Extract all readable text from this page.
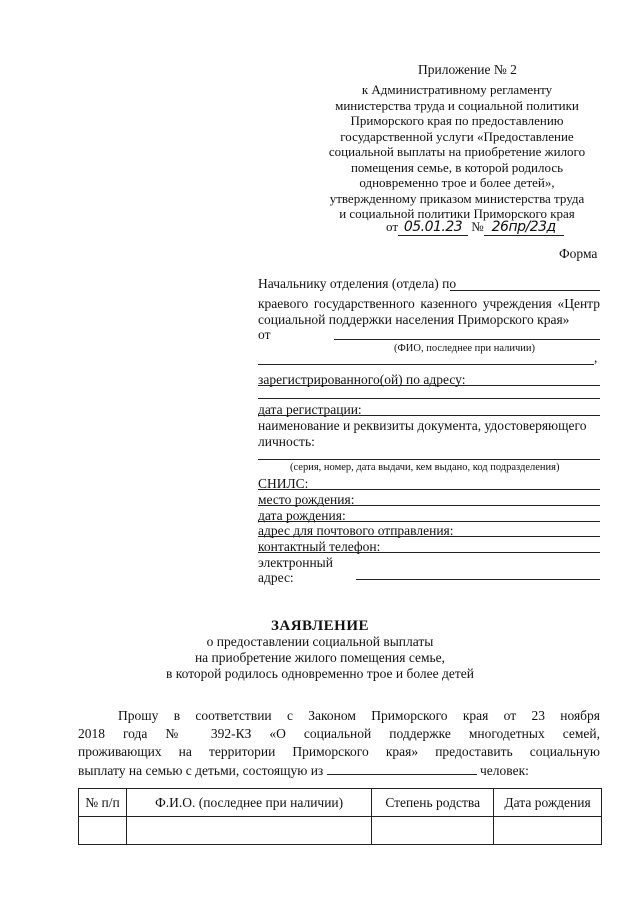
Приложение № 2
к Административному регламенту
министерства труда и социальной политики
Приморского края по предоставлению
государственной услуги «Предоставление
социальной выплаты на приобретение жилого
помещения семье, в которой родилось
одновременно трое и более детей»,
утвержденному приказом министерства труда
и социальной политики Приморского края
от 05.01.23 № 26пр/23д
Форма
Начальнику отделения (отдела) по
краевого государственного казенного учреждения «Центр
социальной поддержки населения Приморского края»
от
(ФИО, последнее при наличии)
,
зарегистрированного(ой) по адресу:
дата регистрации:
наименование и реквизиты документа, удостоверяющего
личность:
(серия, номер, дата выдачи, кем выдано, код подразделения)
СНИЛС:
место рождения:
дата рождения:
адрес для почтового отправления:
контактный телефон:
электронный
адрес:
ЗАЯВЛЕНИЕ
о предоставлении социальной выплаты
на приобретение жилого помещения семье,
в которой родилось одновременно трое и более детей
Прошу в соответствии с Законом Приморского края от 23 ноября
2018 года № 392-КЗ «О социальной поддержке многодетных семей,
проживающих на территории Приморского края» предоставить социальную
выплату на семью с детьми, состоящую из	человек:
№ п/п	Ф.И.О. (последнее при наличии)	Степень родства	Дата рождения
